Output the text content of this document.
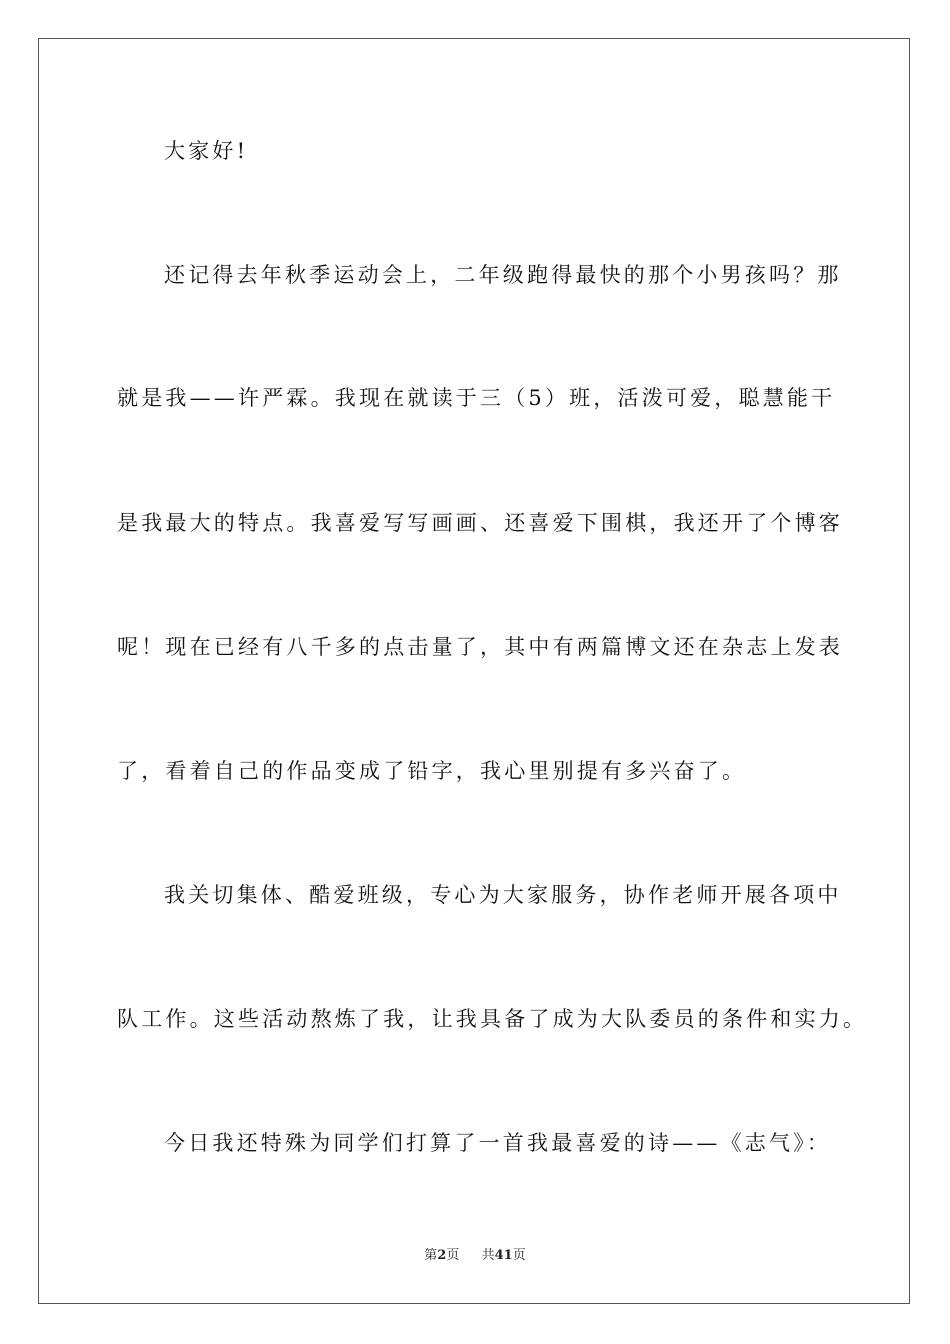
大家好!
还记得去年秋季运动会上，二年级跑得最快的那个小男孩吗？那
就是我——许严霖。我现在就读于三（5）班，活泼可爱，聪慧能干
是我最大的特点。我喜爱写写画画、还喜爱下围棋，我还开了个博客
呢！现在已经有八千多的点击量了，其中有两篇博文还在杂志上发表
了，看着自己的作品变成了铅字，我心里别提有多兴奋了。
我关切集体、酷爱班级，专心为大家服务，协作老师开展各项中
队工作。这些活动熬炼了我，让我具备了成为大队委员的条件和实力。
今日我还特殊为同学们打算了一首我最喜爱的诗——《志气》：
第2页 共41页
